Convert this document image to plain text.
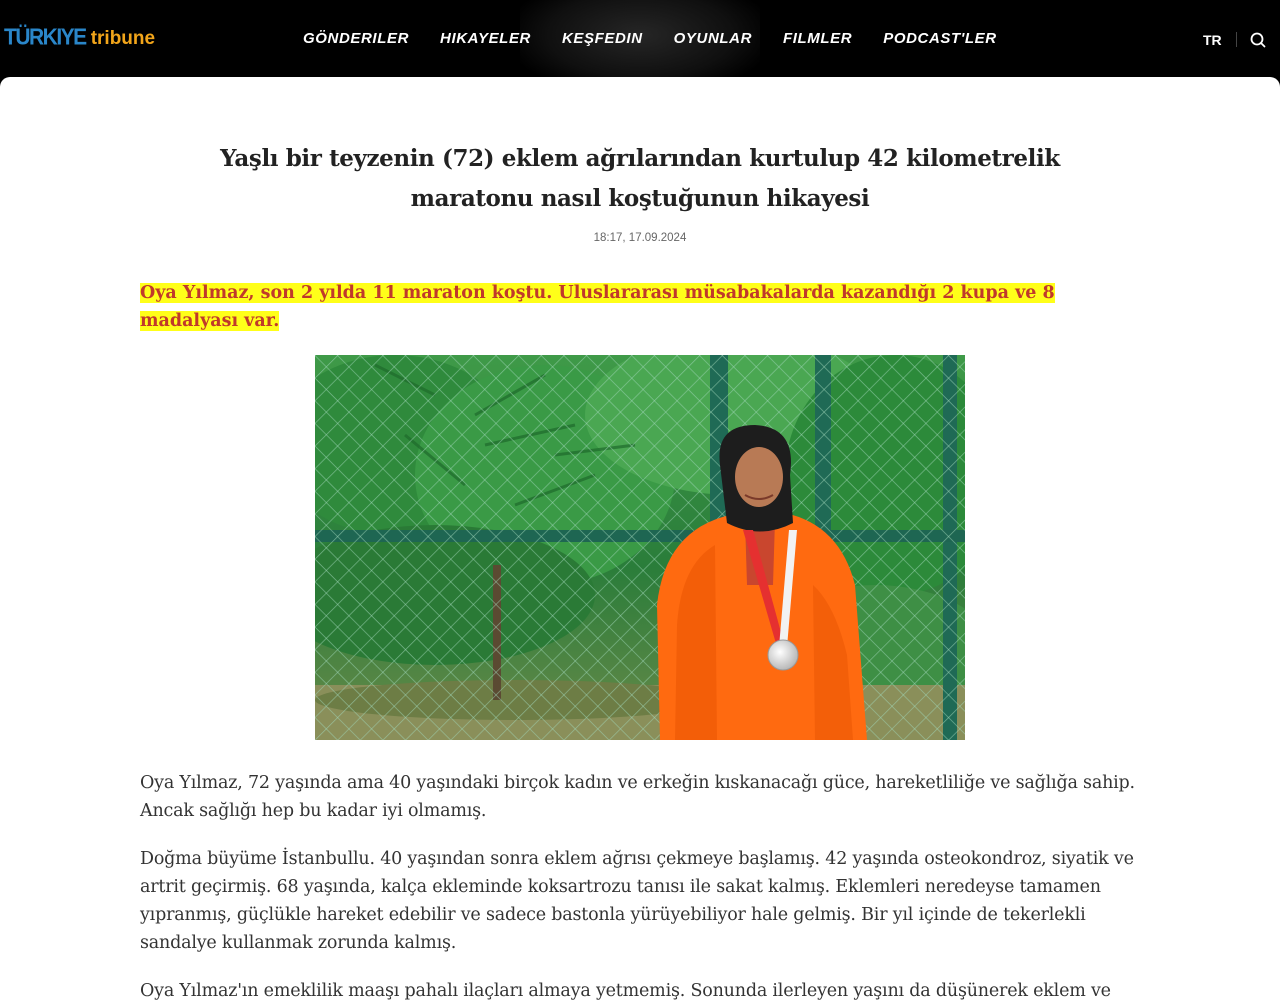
TÜRKIYE tribune	GÖNDERILER HIKAYELER KEŞFEDIN OYUNLAR FILMLER PODCAST'LER	TR
Yaşlı bir teyzenin (72) eklem ağrılarından kurtulup 42 kilometrelik maratonu nasıl koştuğunun hikayesi
18:17, 17.09.2024

Oya Yılmaz, son 2 yılda 11 maraton koştu. Uluslararası müsabakalarda kazandığı 2 kupa ve 8 madalyası var.

Oya Yılmaz, 72 yaşında ama 40 yaşındaki birçok kadın ve erkeğin kıskanacağı güce, hareketliliğe ve sağlığa sahip. Ancak sağlığı hep bu kadar iyi olmamış.

Doğma büyüme İstanbullu. 40 yaşından sonra eklem ağrısı çekmeye başlamış. 42 yaşında osteokondroz, siyatik ve artrit geçirmiş. 68 yaşında, kalça ekleminde koksartrozu tanısı ile sakat kalmış. Eklemleri neredeyse tamamen yıpranmış, güçlükle hareket edebilir ve sadece bastonla yürüyebiliyor hale gelmiş. Bir yıl içinde de tekerlekli sandalye kullanmak zorunda kalmış.

Oya Yılmaz'ın emeklilik maaşı pahalı ilaçları almaya yetmemiş. Sonunda ilerleyen yaşını da düşünerek eklem ve
